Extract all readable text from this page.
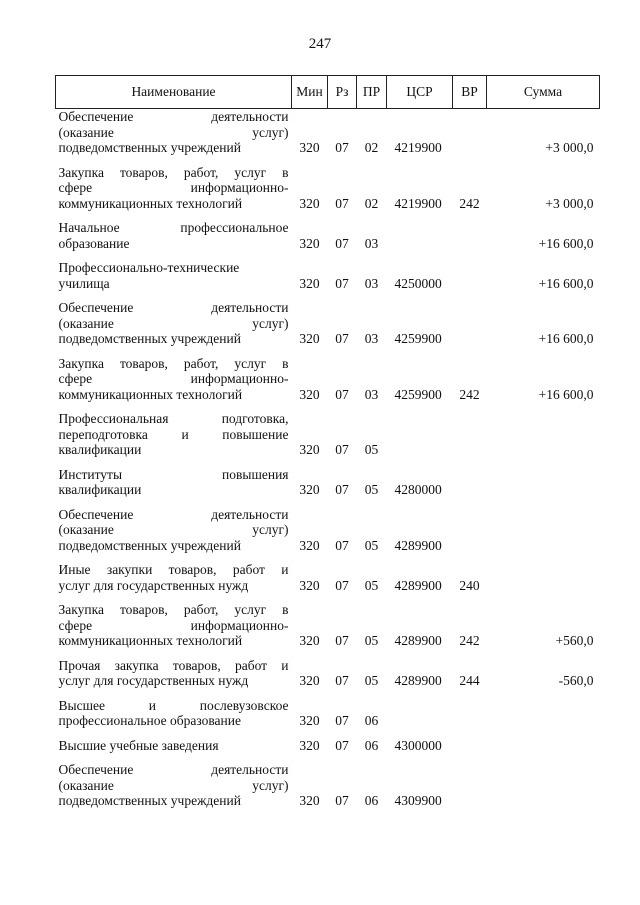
247
Наименование	Мин	Рз	ПР	ЦСР	ВР	Сумма

Обеспечение деятельности
(оказание услуг)
подведомственных учреждений	320	07	02	4219900		+3 000,0

Закупка товаров, работ, услуг в
сфере информационно-
коммуникационных технологий	320	07	02	4219900	242	+3 000,0

Начальное профессиональное
образование	320	07	03			+16 600,0

Профессионально-технические
училища	320	07	03	4250000		+16 600,0

Обеспечение деятельности
(оказание услуг)
подведомственных учреждений	320	07	03	4259900		+16 600,0

Закупка товаров, работ, услуг в
сфере информационно-
коммуникационных технологий	320	07	03	4259900	242	+16 600,0

Профессиональная подготовка,
переподготовка и повышение
квалификации	320	07	05			

Институты повышения
квалификации	320	07	05	4280000		

Обеспечение деятельности
(оказание услуг)
подведомственных учреждений	320	07	05	4289900		

Иные закупки товаров, работ и
услуг для государственных нужд	320	07	05	4289900	240	

Закупка товаров, работ, услуг в
сфере информационно-
коммуникационных технологий	320	07	05	4289900	242	+560,0

Прочая закупка товаров, работ и
услуг для государственных нужд	320	07	05	4289900	244	-560,0

Высшее и послевузовское
профессиональное образование	320	07	06			

Высшие учебные заведения	320	07	06	4300000		

Обеспечение деятельности
(оказание услуг)
подведомственных учреждений	320	07	06	4309900		
